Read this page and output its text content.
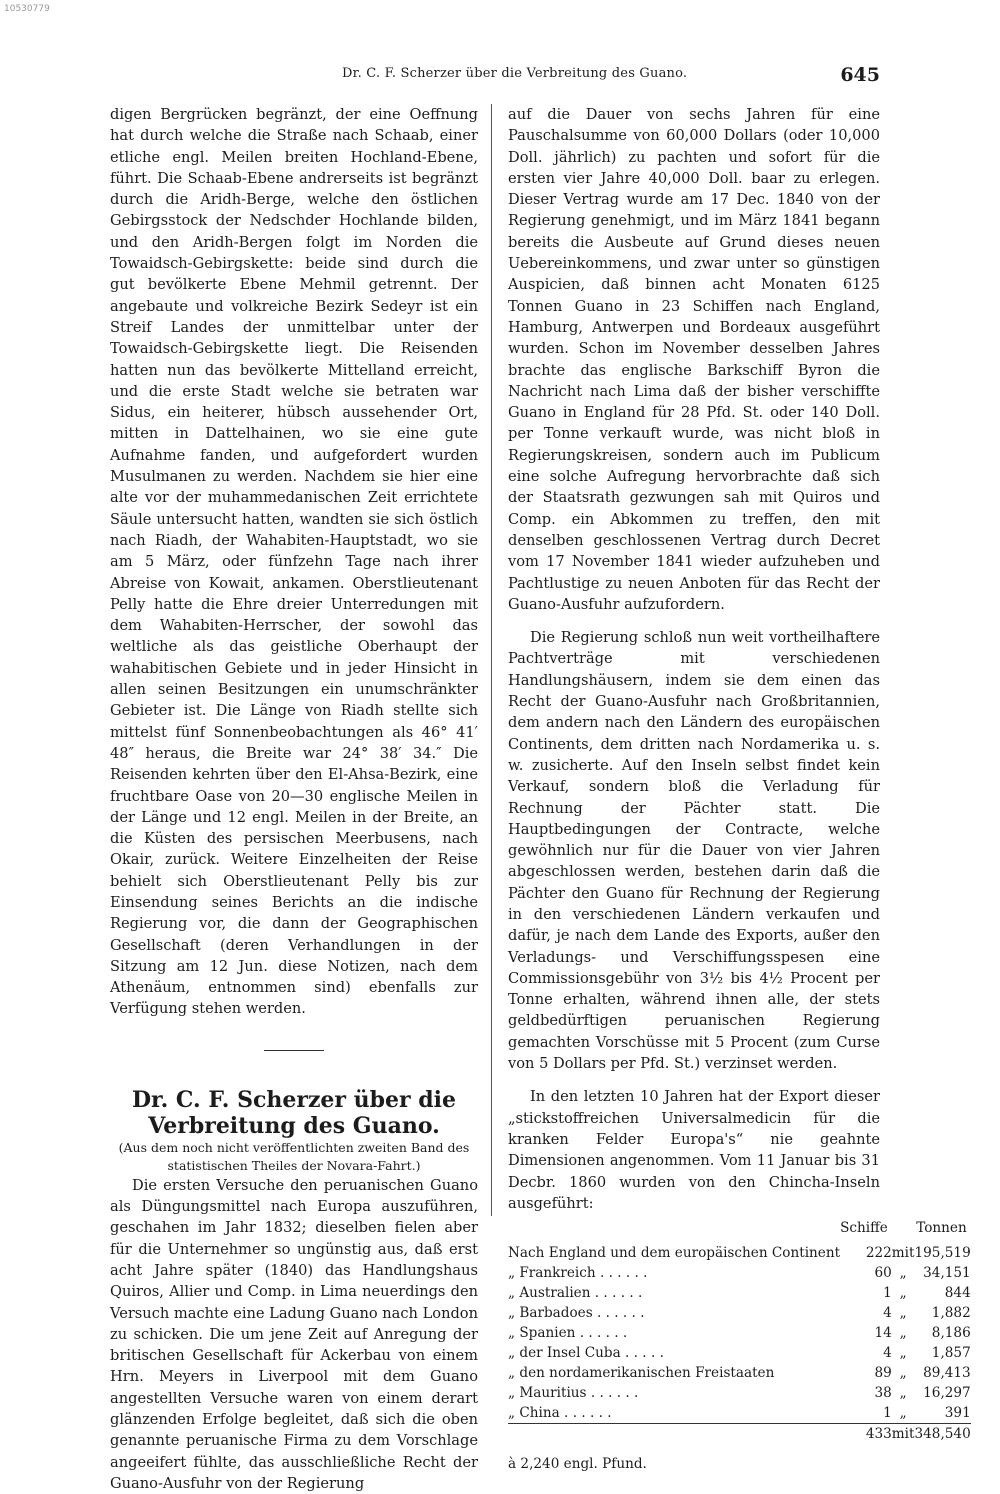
10530779
Dr. C. F. Scherzer über die Verbreitung des Guano.	645

digen Bergrücken begränzt, der eine Oeffnung hat durch welche die Straße nach Schaab, einer etliche engl. Meilen breiten Hochland-Ebene, führt. Die Schaab-Ebene andrerseits ist begränzt durch die Aridh-Berge, welche den östlichen Gebirgsstock der Nedschder Hochlande bilden, und den Aridh-Bergen folgt im Norden die Towaidsch-Gebirgskette: beide sind durch die gut bevölkerte Ebene Mehmil getrennt. Der angebaute und volkreiche Bezirk Sedeyr ist ein Streif Landes der unmittelbar unter der Towaidsch-Gebirgskette liegt. Die Reisenden hatten nun das bevölkerte Mittelland erreicht, und die erste Stadt welche sie betraten war Sidus, ein heiterer, hübsch aussehender Ort, mitten in Dattelhainen, wo sie eine gute Aufnahme fanden, und aufgefordert wurden Musulmanen zu werden. Nachdem sie hier eine alte vor der muhammedanischen Zeit errichtete Säule untersucht hatten, wandten sie sich östlich nach Riadh, der Wahabiten-Hauptstadt, wo sie am 5 März, oder fünfzehn Tage nach ihrer Abreise von Kowait, ankamen. Oberstlieutenant Pelly hatte die Ehre dreier Unterredungen mit dem Wahabiten-Herrscher, der sowohl das weltliche als das geistliche Oberhaupt der wahabitischen Gebiete und in jeder Hinsicht in allen seinen Besitzungen ein unumschränkter Gebieter ist. Die Länge von Riadh stellte sich mittelst fünf Sonnenbeobachtungen als 46° 41′ 48″ heraus, die Breite war 24° 38′ 34.″ Die Reisenden kehrten über den El-Ahsa-Bezirk, eine fruchtbare Oase von 20—30 englische Meilen in der Länge und 12 engl. Meilen in der Breite, an die Küsten des persischen Meerbusens, nach Okair, zurück. Weitere Einzelheiten der Reise behielt sich Oberstlieutenant Pelly bis zur Einsendung seines Berichts an die indische Regierung vor, die dann der Geographischen Gesellschaft (deren Verhandlungen in der Sitzung am 12 Jun. diese Notizen, nach dem Athenäum, entnommen sind) ebenfalls zur Verfügung stehen werden.

Dr. C. F. Scherzer über die Verbreitung des Guano.

(Aus dem noch nicht veröffentlichten zweiten Band des statistischen Theiles der Novara-Fahrt.)

Die ersten Versuche den peruanischen Guano als Düngungsmittel nach Europa auszuführen, geschahen im Jahr 1832; dieselben fielen aber für die Unternehmer so ungünstig aus, daß erst acht Jahre später (1840) das Handlungshaus Quiros, Allier und Comp. in Lima neuerdings den Versuch machte eine Ladung Guano nach London zu schicken. Die um jene Zeit auf Anregung der britischen Gesellschaft für Ackerbau von einem Hrn. Meyers in Liverpool mit dem Guano angestellten Versuche waren von einem derart glänzenden Erfolge begleitet, daß sich die oben genannte peruanische Firma zu dem Vorschlage angeeifert fühlte, das ausschließliche Recht der Guano-Ausfuhr von der Regierung

auf die Dauer von sechs Jahren für eine Pauschalsumme von 60,000 Dollars (oder 10,000 Doll. jährlich) zu pachten und sofort für die ersten vier Jahre 40,000 Doll. baar zu erlegen. Dieser Vertrag wurde am 17 Dec. 1840 von der Regierung genehmigt, und im März 1841 begann bereits die Ausbeute auf Grund dieses neuen Uebereinkommens, und zwar unter so günstigen Auspicien, daß binnen acht Monaten 6125 Tonnen Guano in 23 Schiffen nach England, Hamburg, Antwerpen und Bordeaux ausgeführt wurden. Schon im November desselben Jahres brachte das englische Barkschiff Byron die Nachricht nach Lima daß der bisher verschiffte Guano in England für 28 Pfd. St. oder 140 Doll. per Tonne verkauft wurde, was nicht bloß in Regierungskreisen, sondern auch im Publicum eine solche Aufregung hervorbrachte daß sich der Staatsrath gezwungen sah mit Quiros und Comp. ein Abkommen zu treffen, den mit denselben geschlossenen Vertrag durch Decret vom 17 November 1841 wieder aufzuheben und Pachtlustige zu neuen Anboten für das Recht der Guano-Ausfuhr aufzufordern.

Die Regierung schloß nun weit vortheilhaftere Pachtverträge mit verschiedenen Handlungshäusern, indem sie dem einen das Recht der Guano-Ausfuhr nach Großbritannien, dem andern nach den Ländern des europäischen Continents, dem dritten nach Nordamerika u. s. w. zusicherte. Auf den Inseln selbst findet kein Verkauf, sondern bloß die Verladung für Rechnung der Pächter statt. Die Hauptbedingungen der Contracte, welche gewöhnlich nur für die Dauer von vier Jahren abgeschlossen werden, bestehen darin daß die Pächter den Guano für Rechnung der Regierung in den verschiedenen Ländern verkaufen und dafür, je nach dem Lande des Exports, außer den Verladungs- und Verschiffungsspesen eine Commissionsgebühr von 3½ bis 4½ Procent per Tonne erhalten, während ihnen alle, der stets geldbedürftigen peruanischen Regierung gemachten Vorschüsse mit 5 Procent (zum Curse von 5 Dollars per Pfd. St.) verzinset werden.

In den letzten 10 Jahren hat der Export dieser „stickstoffreichen Universalmedicin für die kranken Felder Europa's“ nie geahnte Dimensionen angenommen. Vom 11 Januar bis 31 Decbr. 1860 wurden von den Chincha-Inseln ausgeführt:

	Schiffe		Tonnen
Nach England und dem europäischen Continent	222	mit	195,519
„ Frankreich . . . . . .	60	„	34,151
„ Australien . . . . . .	1	„	844
„ Barbadoes . . . . . .	4	„	1,882
„ Spanien . . . . . .	14	„	8,186
„ der Insel Cuba . . . . .	4	„	1,857
„ den nordamerikanischen Freistaaten	89	„	89,413
„ Mauritius . . . . . .	38	„	16,297
„ China . . . . . .	1	„	391
	433	mit	348,540
à 2,240 engl. Pfund.
